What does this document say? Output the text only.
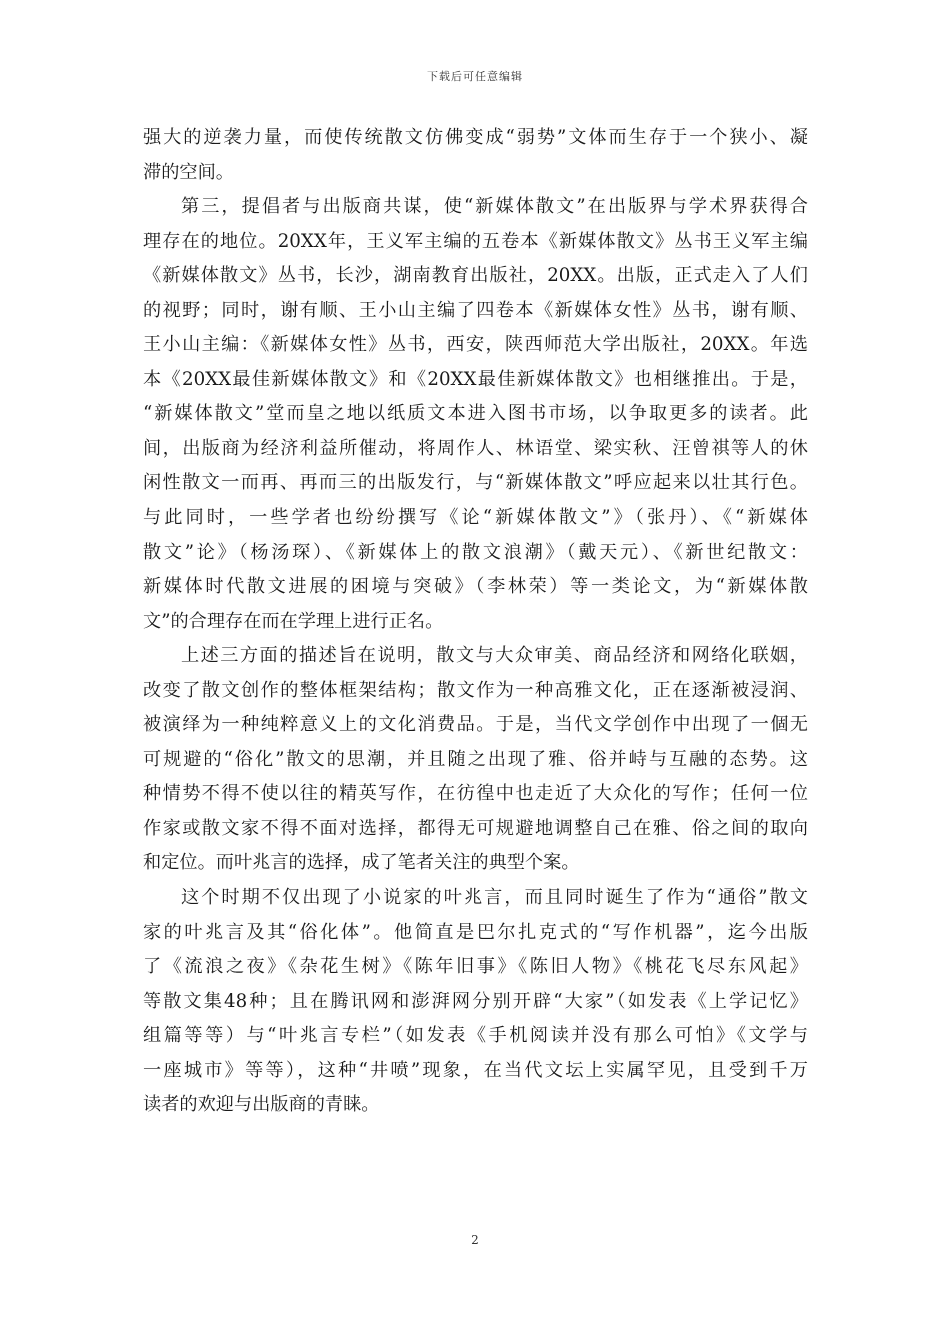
下载后可任意编辑
强大的逆袭力量，而使传统散文仿佛变成“弱势”文体而生存于一个狭小、凝
滞的空间。
第三，提倡者与出版商共谋，使“新媒体散文”在出版界与学术界获得合
理存在的地位。20XX年，王义军主编的五卷本《新媒体散文》丛书王义军主编
《新媒体散文》丛书，长沙，湖南教育出版社，20XX。出版，正式走入了人们
的视野；同时，谢有顺、王小山主编了四卷本《新媒体女性》丛书，谢有顺、
王小山主编：《新媒体女性》丛书，西安，陕西师范大学出版社，20XX。年选
本《20XX最佳新媒体散文》和《20XX最佳新媒体散文》也相继推出。于是，
“新媒体散文”堂而皇之地以纸质文本进入图书市场，以争取更多的读者。此
间，出版商为经济利益所催动，将周作人、林语堂、梁实秋、汪曾祺等人的休
闲性散文一而再、再而三的出版发行，与“新媒体散文”呼应起来以壮其行色。
与此同时，一些学者也纷纷撰写《论“新媒体散文”》（张丹）、《“新媒体
散文”论》（杨汤琛）、《新媒体上的散文浪潮》（戴天元）、《新世纪散文：
新媒体时代散文进展的困境与突破》（李林荣）等一类论文，为“新媒体散
文”的合理存在而在学理上进行正名。
上述三方面的描述旨在说明，散文与大众审美、商品经济和网络化联姻，
改变了散文创作的整体框架结构；散文作为一种高雅文化，正在逐渐被浸润、
被演绎为一种纯粹意义上的文化消费品。于是，当代文学创作中出现了一個无
可规避的“俗化”散文的思潮，并且随之出现了雅、俗并峙与互融的态势。这
种情势不得不使以往的精英写作，在彷徨中也走近了大众化的写作；任何一位
作家或散文家不得不面对选择，都得无可规避地调整自己在雅、俗之间的取向
和定位。而叶兆言的选择，成了笔者关注的典型个案。
这个时期不仅出现了小说家的叶兆言，而且同时诞生了作为“通俗”散文
家的叶兆言及其“俗化体”。他简直是巴尔扎克式的“写作机器”，迄今出版
了《流浪之夜》《杂花生树》《陈年旧事》《陈旧人物》《桃花飞尽东风起》
等散文集48种；且在腾讯网和澎湃网分别开辟“大家”（如发表《上学记忆》
组篇等等）与“叶兆言专栏”（如发表《手机阅读并没有那么可怕》《文学与
一座城市》等等），这种“井喷”现象，在当代文坛上实属罕见，且受到千万
读者的欢迎与出版商的青睐。
2
